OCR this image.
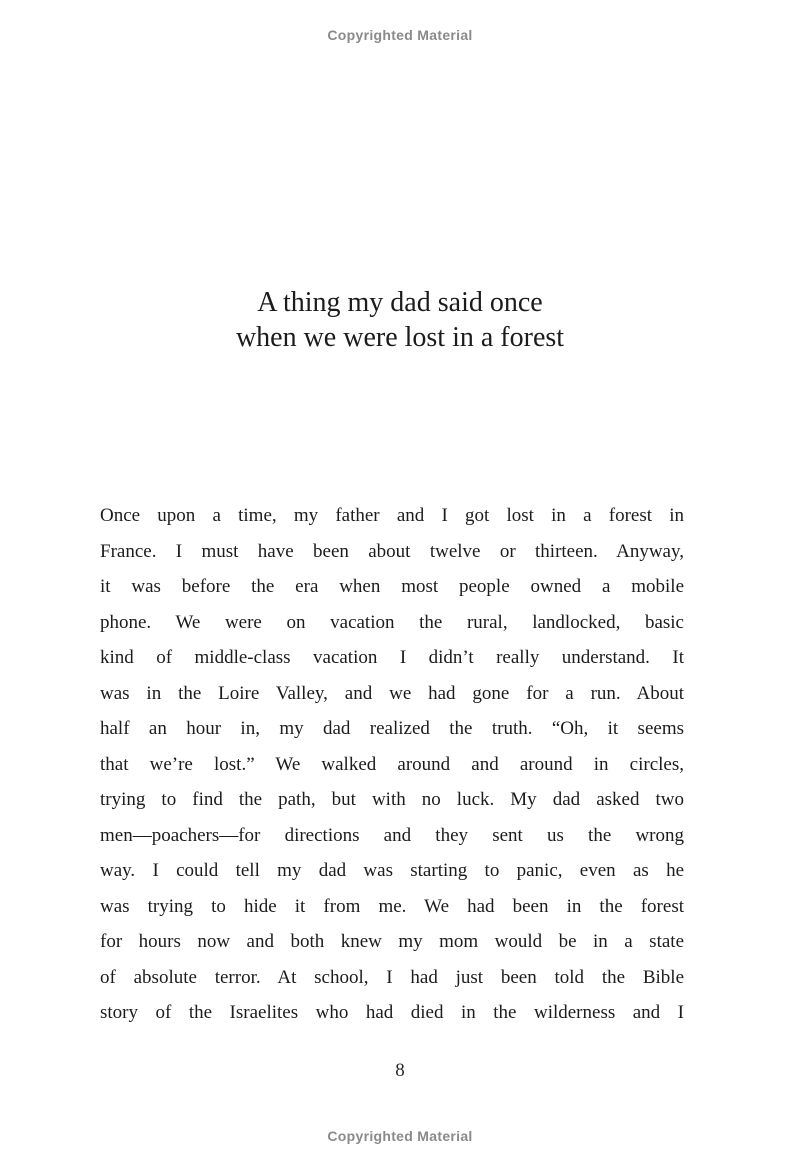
Copyrighted Material
A thing my dad said once
when we were lost in a forest
Once upon a time, my father and I got lost in a forest in
France. I must have been about twelve or thirteen. Anyway,
it was before the era when most people owned a mobile
phone. We were on vacation the rural, landlocked, basic
kind of middle-class vacation I didn’t really understand. It
was in the Loire Valley, and we had gone for a run. About
half an hour in, my dad realized the truth. “Oh, it seems
that we’re lost.” We walked around and around in circles,
trying to find the path, but with no luck. My dad asked two
men—poachers—for directions and they sent us the wrong
way. I could tell my dad was starting to panic, even as he
was trying to hide it from me. We had been in the forest
for hours now and both knew my mom would be in a state
of absolute terror. At school, I had just been told the Bible
story of the Israelites who had died in the wilderness and I
8
Copyrighted Material
